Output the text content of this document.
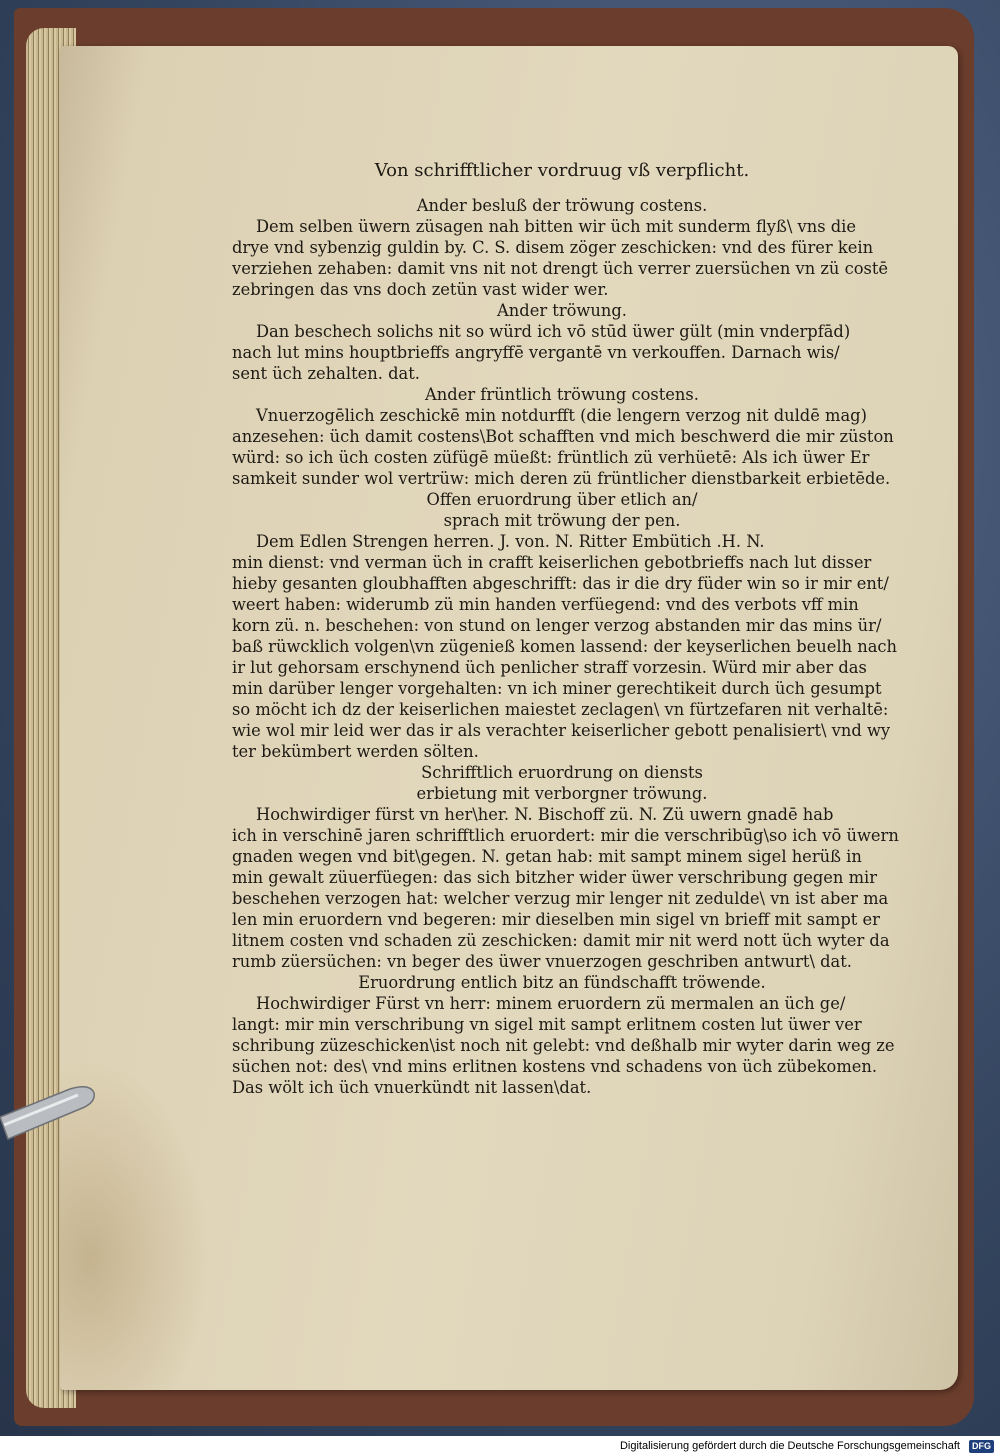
Von schrifftlicher vordruug vß verpflicht.
Ander besluß der tröwung costens.
Dem selben üwern züsagen nah bitten wir üch mit sunderm flyß\ vns die
drye vnd sybenzig guldin by. C. S. disem zöger zeschicken: vnd des fürer kein
verziehen zehaben: damit vns nit not drengt üch verrer zuersüchen vn zü costē
zebringen das vns doch zetün vast wider wer.
Ander tröwung.
Dan beschech solichs nit so würd ich vō stūd üwer gült (min vnderpfād)
nach lut mins houptbrieffs angryffē vergantē vn verkouffen. Darnach wis/
sent üch zehalten. dat.
Ander früntlich tröwung costens.
Vnuerzogēlich zeschickē min notdurfft (die lengern verzog nit duldē mag)
anzesehen: üch damit costens\Bot schafften vnd mich beschwerd die mir züston
würd: so ich üch costen züfügē müeßt: früntlich zü verhüetē: Als ich üwer Er
samkeit sunder wol vertrüw: mich deren zü früntlicher dienstbarkeit erbietēde.
Offen eruordrung über etlich an/
sprach mit tröwung der pen.
Dem Edlen Strengen herren. J. von. N. Ritter Embütich .H. N.
min dienst: vnd verman üch in crafft keiserlichen gebotbrieffs nach lut disser
hieby gesanten gloubhafften abgeschrifft: das ir die dry füder win so ir mir ent/
weert haben: widerumb zü min handen verfüegend: vnd des verbots vff min
korn zü. n. beschehen: von stund on lenger verzog abstanden mir das mins ür/
baß rüwcklich volgen\vn zügenieß komen lassend: der keyserlichen beuelh nach
ir lut gehorsam erschynend üch penlicher straff vorzesin. Würd mir aber das
min darüber lenger vorgehalten: vn ich miner gerechtikeit durch üch gesumpt
so möcht ich dz der keiserlichen maiestet zeclagen\ vn fürtzefaren nit verhaltē:
wie wol mir leid wer das ir als verachter keiserlicher gebott penalisiert\ vnd wy
ter bekümbert werden sölten.
Schrifftlich eruordrung on diensts
erbietung mit verborgner tröwung.
Hochwirdiger fürst vn her\her. N. Bischoff zü. N. Zü uwern gnadē hab
ich in verschinē jaren schrifftlich eruordert: mir die verschribūg\so ich vō üwern
gnaden wegen vnd bit\gegen. N. getan hab: mit sampt minem sigel herüß in
min gewalt züuerfüegen: das sich bitzher wider üwer verschribung gegen mir
beschehen verzogen hat: welcher verzug mir lenger nit zedulde\ vn ist aber ma
len min eruordern vnd begeren: mir dieselben min sigel vn brieff mit sampt er
litnem costen vnd schaden zü zeschicken: damit mir nit werd nott üch wyter da
rumb züersüchen: vn beger des üwer vnuerzogen geschriben antwurt\ dat.
Eruordrung entlich bitz an fündschafft tröwende.
Hochwirdiger Fürst vn herr: minem eruordern zü mermalen an üch ge/
langt: mir min verschribung vn sigel mit sampt erlitnem costen lut üwer ver
schribung züzeschicken\ist noch nit gelebt: vnd deßhalb mir wyter darin weg ze
süchen not: des\ vnd mins erlitnen kostens vnd schadens von üch zübekomen.
Das wölt ich üch vnuerkündt nit lassen\dat.
Digitalisierung gefördert durch die Deutsche Forschungsgemeinschaft DFG
